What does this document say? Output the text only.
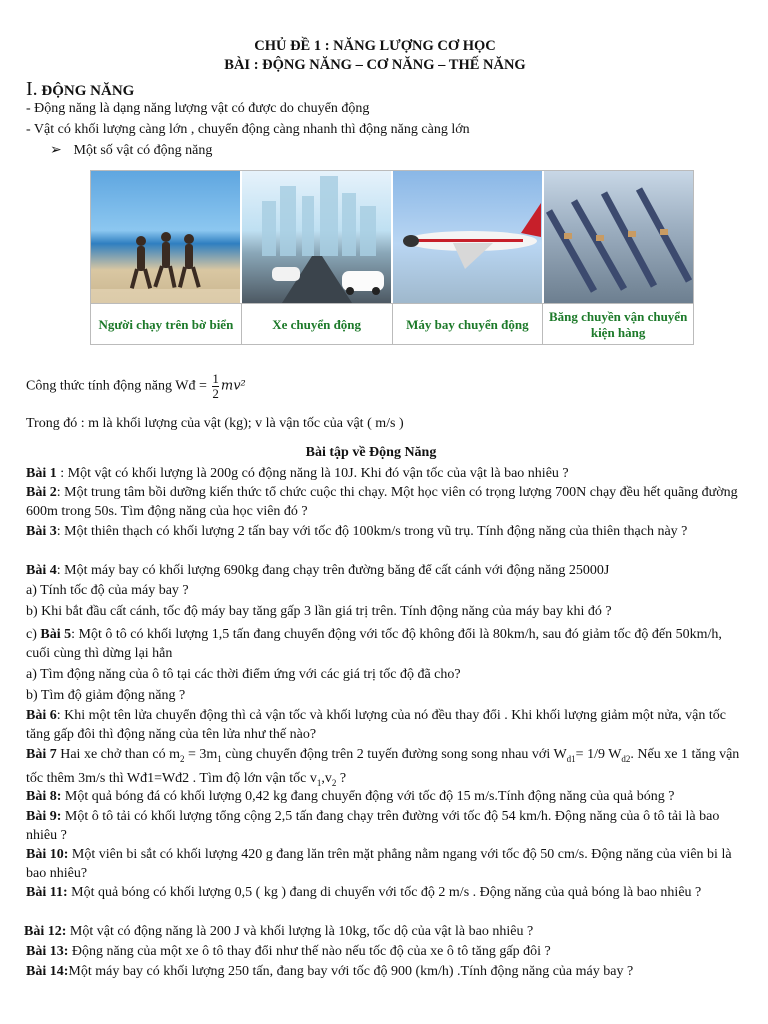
CHỦ ĐỀ 1 : NĂNG LƯỢNG CƠ HỌC
BÀI : ĐỘNG NĂNG – CƠ NĂNG – THẾ NĂNG
I. ĐỘNG NĂNG
- Động năng là dạng năng lượng vật có được do chuyển động
- Vật có khối lượng càng lớn , chuyển động càng nhanh thì động năng càng lớn
➢ Một số vật có động năng
Người chạy trên bờ biển	Xe chuyển động	Máy bay chuyển động
Băng chuyền vận chuyển kiện hàng
Công thức tính động năng Wđ = $\frac{1}{2} mv^2$
Trong đó : m là khối lượng của vật (kg); v là vận tốc của vật ( m/s )
Bài tập về Động Năng
Bài 1 : Một vật có khối lượng là 200g có động năng là 10J. Khi đó vận tốc của vật là bao nhiêu ?
Bài 2: Một trung tâm bồi dưỡng kiến thức tổ chức cuộc thi chạy. Một học viên có trọng lượng 700N chạy đều hết quãng đường 600m trong 50s. Tìm động năng của học viên đó ?
Bài 3: Một thiên thạch có khối lượng 2 tấn bay với tốc độ 100km/s trong vũ trụ. Tính động năng của thiên thạch này ?
Bài 4: Một máy bay có khối lượng 690kg đang chạy trên đường băng để cất cánh với động năng 25000J
a) Tính tốc độ của máy bay ?
b) Khi bắt đầu cất cánh, tốc độ máy bay tăng gấp 3 lần giá trị trên. Tính động năng của máy bay khi đó ?
c) Bài 5: Một ô tô có khối lượng 1,5 tấn đang chuyển động với tốc độ không đổi là 80km/h, sau đó giảm tốc độ đến 50km/h, cuối cùng thì dừng lại hẳn
a) Tìm động năng của ô tô tại các thời điểm ứng với các giá trị tốc độ đã cho?
b) Tìm độ giảm động năng ?
Bài 6: Khi một tên lửa chuyển động thì cả vận tốc và khối lượng của nó đều thay đổi . Khi khối lượng giảm một nửa, vận tốc tăng gấp đôi thì động năng của tên lửa như thế nào?
Bài 7 Hai xe chở than có $m_2 = 3m_1$ cùng chuyển động trên 2 tuyến đường song song nhau với $W_{d1}= 1/9$ $W_{d2}$. Nếu xe 1 tăng vận tốc thêm 3m/s thì Wđ1=Wđ2 . Tìm độ lớn vận tốc $v_1,v_2$ ?
Bài 8: Một quả bóng đá có khối lượng 0,42 kg đang chuyển động với tốc độ 15 m/s.Tính động năng của quả bóng ?
Bài 9: Một ô tô tải có khối lượng tổng cộng 2,5 tấn đang chạy trên đường với tốc độ 54 km/h. Động năng của ô tô tải là bao nhiêu ?
Bài 10: Một viên bi sắt có khối lượng 420 g đang lăn trên mặt phẳng nằm ngang với tốc độ 50 cm/s. Động năng của viên bi là bao nhiêu?
Bài 11: Một quả bóng có khối lượng 0,5 ( kg ) đang di chuyển với tốc độ 2 m/s . Động năng của quả bóng là bao nhiêu ?
Bài 12: Một vật có động năng là 200 J và khối lượng là 10kg, tốc dộ của vật là bao nhiêu ?
Bài 13: Động năng của một xe ô tô thay đổi như thế nào nếu tốc độ của xe ô tô tăng gấp đôi ?
Bài 14:Một máy bay có khối lượng 250 tấn, đang bay với tốc độ 900 (km/h) .Tính động năng của máy bay ?
